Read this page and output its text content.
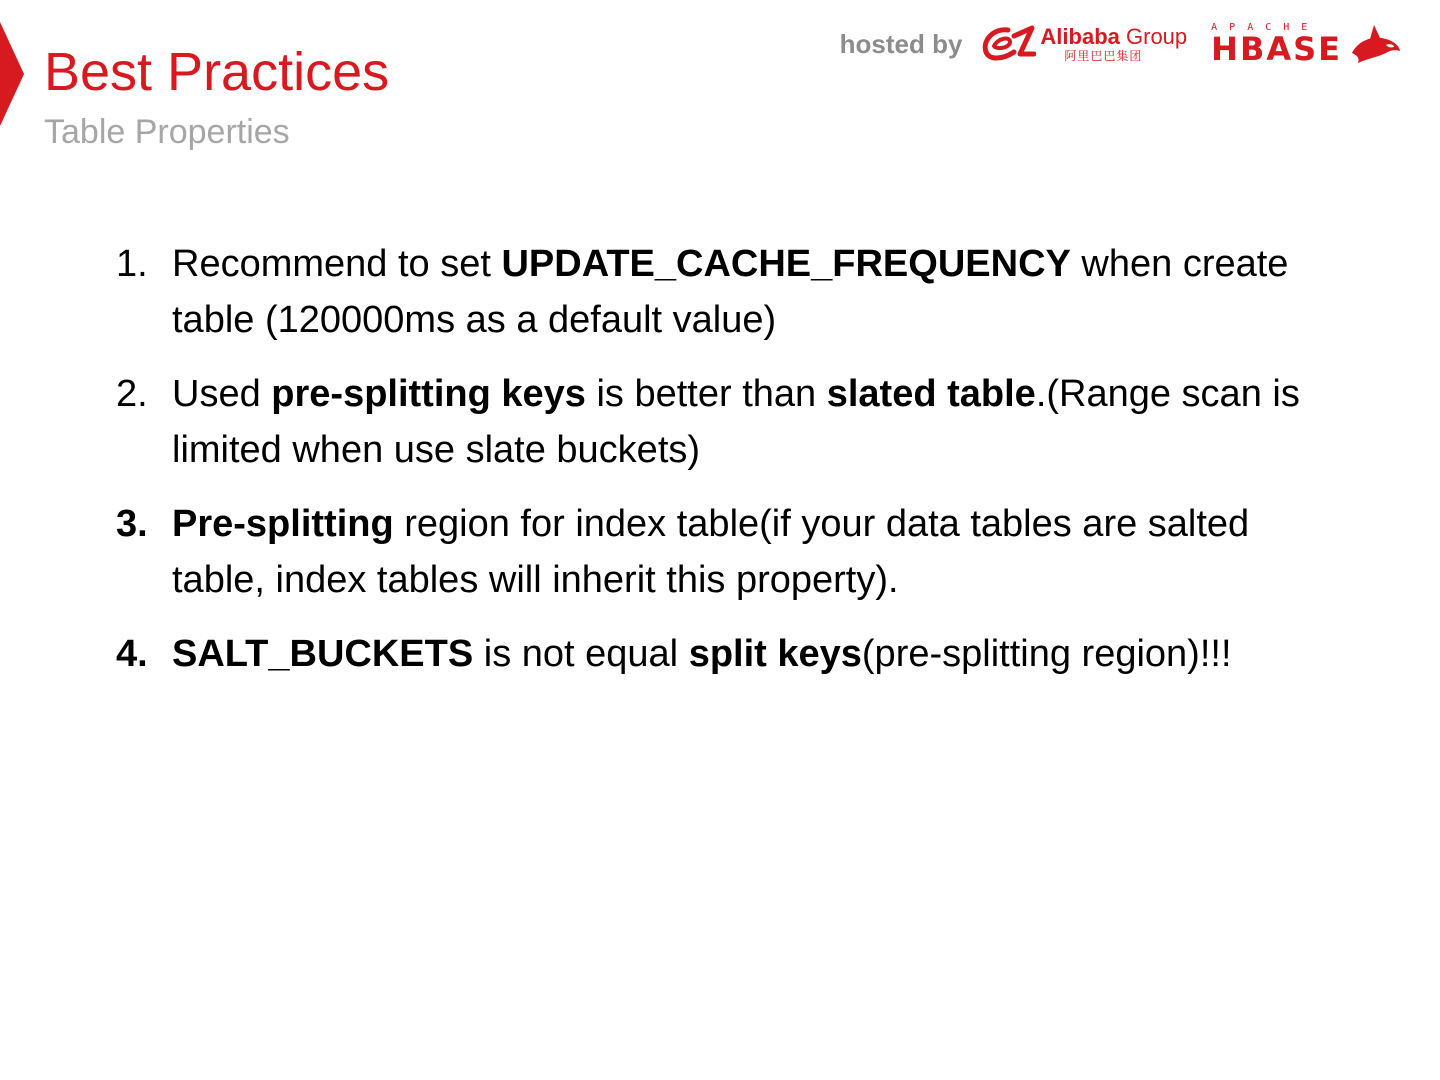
Best Practices
Table Properties
hosted by	Alibaba Group
阿里巴巴集团
APACHE
HBASE
1. Recommend to set UPDATE_CACHE_FREQUENCY when create table (120000ms as a default value)
2. Used pre-splitting keys is better than slated table.(Range scan is limited when use slate buckets)
3. Pre-splitting region for index table(if your data tables are salted table, index tables will inherit this property).
4. SALT_BUCKETS is not equal split keys(pre-splitting region)!!!
